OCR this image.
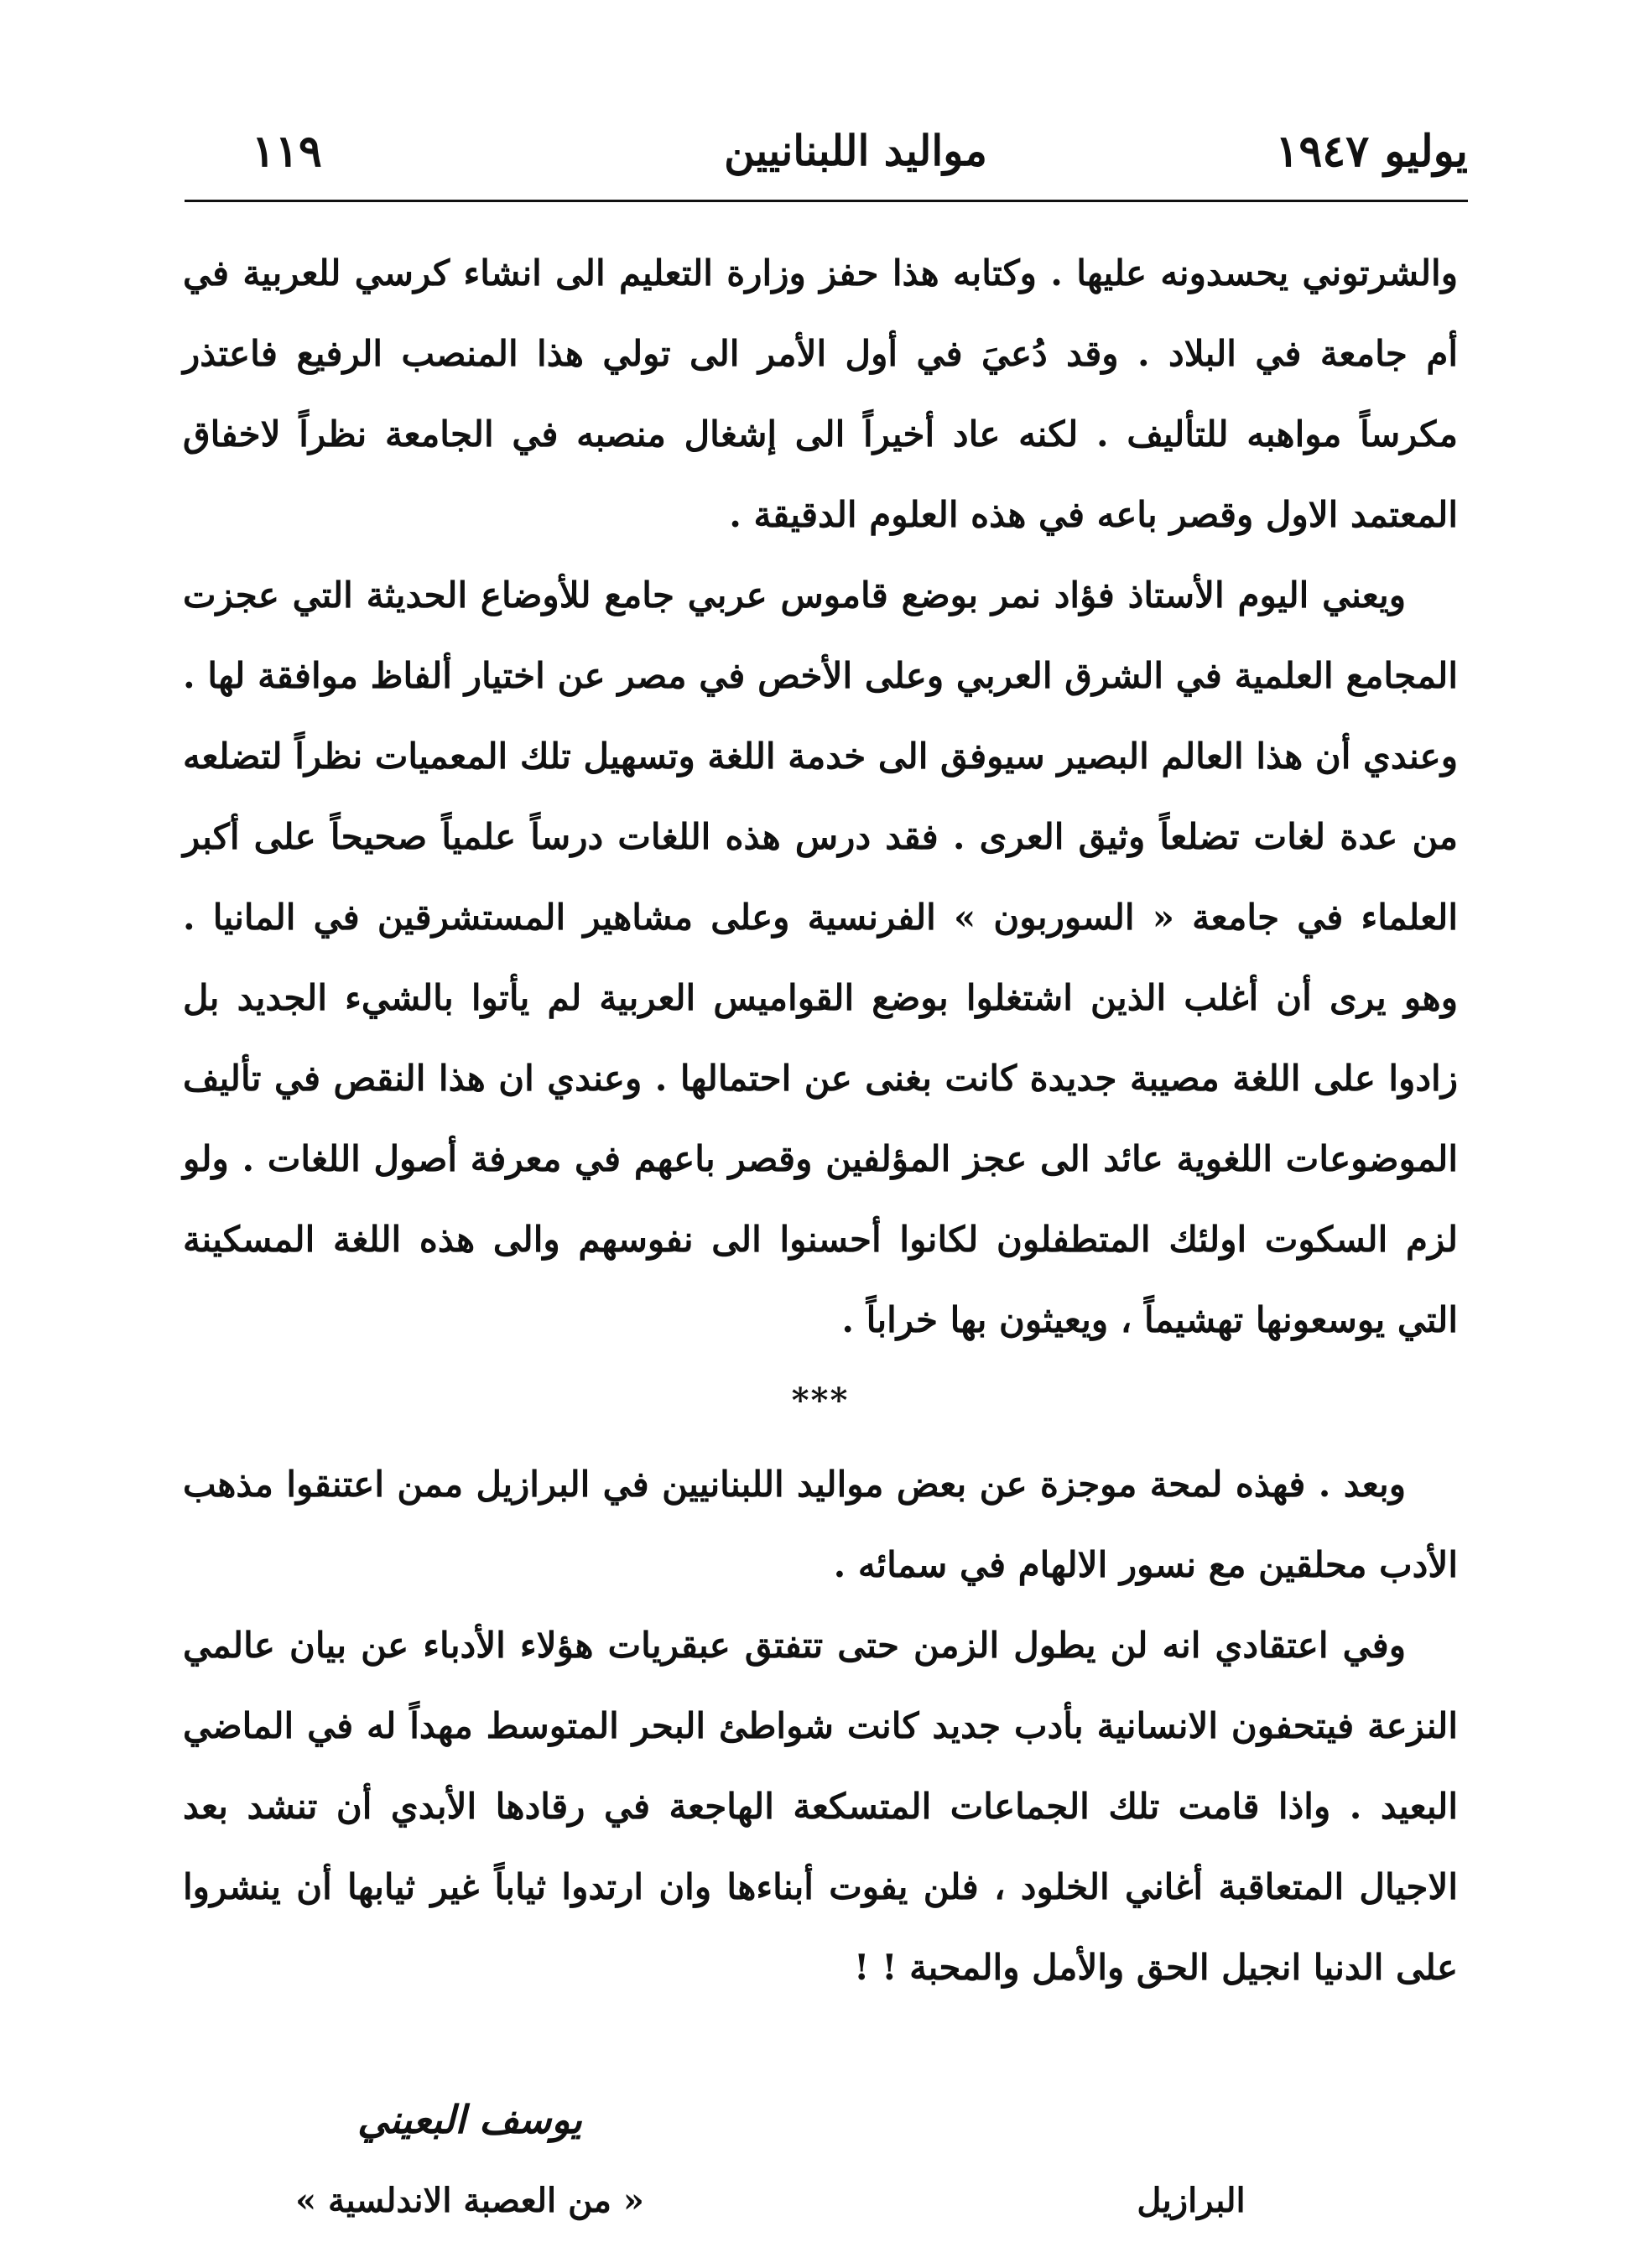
١١٩	مواليد اللبنانيين	يوليو ١٩٤٧

والشرتوني يحسدونه عليها . وكتابه هذا حفز وزارة التعليم الى انشاء كرسي للعربية في أم جامعة في البلاد . وقد دُعيَ في أول الأمر الى تولي هذا المنصب الرفيع فاعتذر مكرساً مواهبه للتأليف . لكنه عاد أخيراً الى إشغال منصبه في الجامعة نظراً لاخفاق المعتمد الاول وقصر باعه في هذه العلوم الدقيقة .

ويعني اليوم الأستاذ فؤاد نمر بوضع قاموس عربي جامع للأوضاع الحديثة التي عجزت المجامع العلمية في الشرق العربي وعلى الأخص في مصر عن اختيار ألفاظ موافقة لها . وعندي أن هذا العالم البصير سيوفق الى خدمة اللغة وتسهيل تلك المعميات نظراً لتضلعه من عدة لغات تضلعاً وثيق العرى . فقد درس هذه اللغات درساً علمياً صحيحاً على أكبر العلماء في جامعة « السوربون » الفرنسية وعلى مشاهير المستشرقين في المانيا . وهو يرى أن أغلب الذين اشتغلوا بوضع القواميس العربية لم يأتوا بالشيء الجديد بل زادوا على اللغة مصيبة جديدة كانت بغنى عن احتمالها . وعندي ان هذا النقص في تأليف الموضوعات اللغوية عائد الى عجز المؤلفين وقصر باعهم في معرفة أصول اللغات . ولو لزم السكوت اولئك المتطفلون لكانوا أحسنوا الى نفوسهم والى هذه اللغة المسكينة التي يوسعونها تهشيماً ، ويعيثون بها خراباً .

***

وبعد . فهذه لمحة موجزة عن بعض مواليد اللبنانيين في البرازيل ممن اعتنقوا مذهب الأدب محلقين مع نسور الالهام في سمائه .

وفي اعتقادي انه لن يطول الزمن حتى تتفتق عبقريات هؤلاء الأدباء عن بيان عالمي النزعة فيتحفون الانسانية بأدب جديد كانت شواطئ البحر المتوسط مهداً له في الماضي البعيد . واذا قامت تلك الجماعات المتسكعة الهاجعة في رقادها الأبدي أن تنشد بعد الاجيال المتعاقبة أغاني الخلود ، فلن يفوت أبناءها وان ارتدوا ثياباً غير ثيابها أن ينشروا على الدنيا انجيل الحق والأمل والمحبة ! !

يوسف البعيني
« من العصبة الاندلسية »	البرازيل
